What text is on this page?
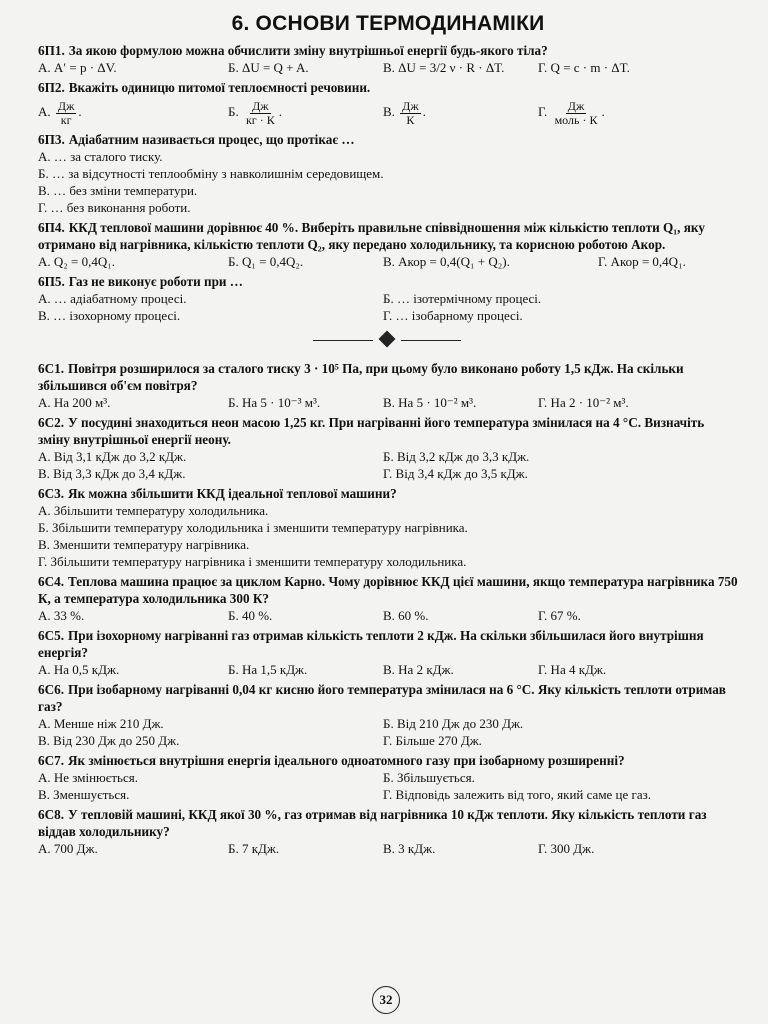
6. ОСНОВИ ТЕРМОДИНАМІКИ
6П1. За якою формулою можна обчислити зміну внутрішньої енергії будь-якого тіла?
А. A′ = p · ΔV.	Б. ΔU = Q + A.	В. ΔU = 3/2 ν · R · ΔT.	Г. Q = c · m · ΔT.
6П2. Вкажіть одиницю питомої теплоємності речовини.
А. $\frac{Дж}{кг}$ .	Б. $\frac{Дж}{кг \cdot К}$ .	В. $\frac{Дж}{К}$ .	Г. $\frac{Дж}{\text{моль · К}}$ .
6П3. Адіабатним називається процес, що протікає …
А. … за сталого тиску.
Б. … за відсутності теплообміну з навколишнім середовищем.
В. … без зміни температури.
Г. … без виконання роботи.
6П4. ККД теплової машини дорівнює 40 %. Виберіть правильне співвідношення між кількістю теплоти Q₁, яку отримано від нагрівника, кількістю теплоти Q₂, яку передано холодильнику, та корисною роботою Aкор.
А. Q₂ = 0,4Q₁.	Б. Q₁ = 0,4Q₂.	В. Aкор = 0,4(Q₁ + Q₂).	Г. Aкор = 0,4Q₁.
6П5. Газ не виконує роботи при …
А. … адіабатному процесі.	Б. … ізотермічному процесі.
В. … ізохорному процесі.	Г. … ізобарному процесі.
6С1. Повітря розширилося за сталого тиску 3 · 10⁵ Па, при цьому було виконано роботу 1,5 кДж. На скільки збільшився об'єм повітря?
А. На 200 м³.	Б. На 5 · 10⁻³ м³.	В. На 5 · 10⁻² м³.	Г. На 2 · 10⁻² м³.
6С2. У посудині знаходиться неон масою 1,25 кг. При нагріванні його температура змінилася на 4 °С. Визначіть зміну внутрішньої енергії неону.
А. Від 3,1 кДж до 3,2 кДж.	Б. Від 3,2 кДж до 3,3 кДж.
В. Від 3,3 кДж до 3,4 кДж.	Г. Від 3,4 кДж до 3,5 кДж.
6С3. Як можна збільшити ККД ідеальної теплової машини?
А. Збільшити температуру холодильника.
Б. Збільшити температуру холодильника і зменшити температуру нагрівника.
В. Зменшити температуру нагрівника.
Г. Збільшити температуру нагрівника і зменшити температуру холодильника.
6С4. Теплова машина працює за циклом Карно. Чому дорівнює ККД цієї машини, якщо температура нагрівника 750 К, а температура холодильника 300 К?
А. 33 %.	Б. 40 %.	В. 60 %.	Г. 67 %.
6С5. При ізохорному нагріванні газ отримав кількість теплоти 2 кДж. На скільки збільшилася його внутрішня енергія?
А. На 0,5 кДж.	Б. На 1,5 кДж.	В. На 2 кДж.	Г. На 4 кДж.
6С6. При ізобарному нагріванні 0,04 кг кисню його температура змінилася на 6 °С. Яку кількість теплоти отримав газ?
А. Менше ніж 210 Дж.	Б. Від 210 Дж до 230 Дж.
В. Від 230 Дж до 250 Дж.	Г. Більше 270 Дж.
6С7. Як змінюється внутрішня енергія ідеального одноатомного газу при ізобарному розширенні?
А. Не змінюється.	Б. Збільшується.
В. Зменшується.	Г. Відповідь залежить від того, який саме це газ.
6С8. У тепловій машині, ККД якої 30 %, газ отримав від нагрівника 10 кДж теплоти. Яку кількість теплоти газ віддав холодильнику?
А. 700 Дж.	Б. 7 кДж.	В. 3 кДж.	Г. 300 Дж.
32
